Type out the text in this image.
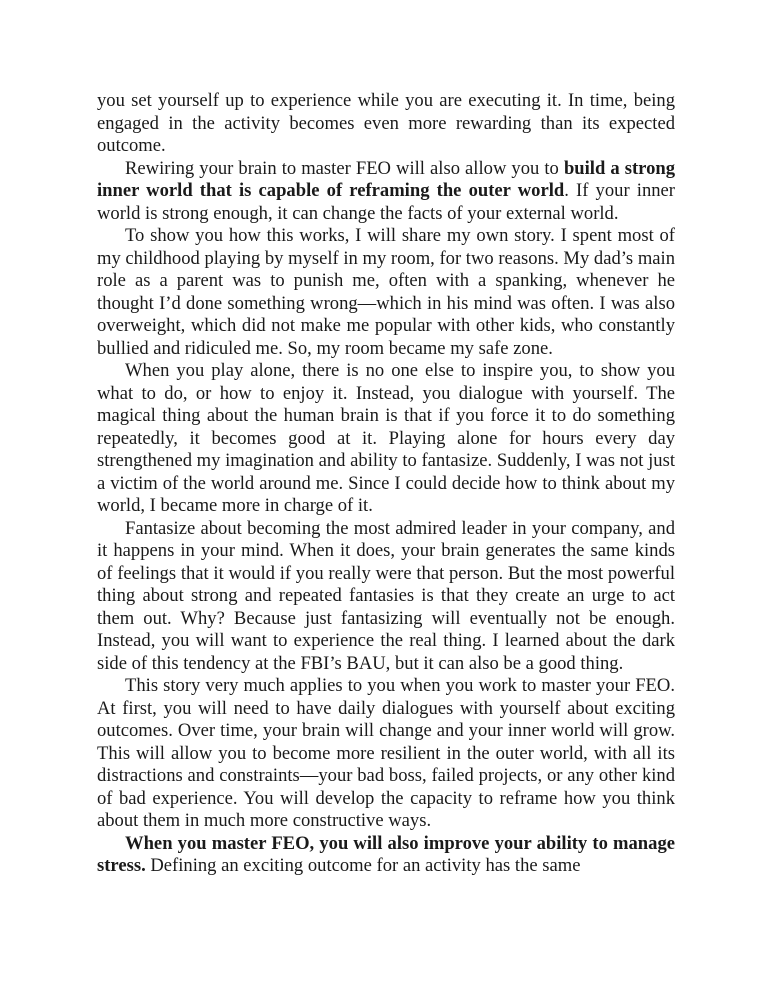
you set yourself up to experience while you are executing it. In time, being engaged in the activity becomes even more rewarding than its expected outcome.

Rewiring your brain to master FEO will also allow you to build a strong inner world that is capable of reframing the outer world. If your inner world is strong enough, it can change the facts of your external world.

To show you how this works, I will share my own story. I spent most of my childhood playing by myself in my room, for two reasons. My dad’s main role as a parent was to punish me, often with a spanking, whenever he thought I’d done something wrong—which in his mind was often. I was also overweight, which did not make me popular with other kids, who constantly bullied and ridiculed me. So, my room became my safe zone.

When you play alone, there is no one else to inspire you, to show you what to do, or how to enjoy it. Instead, you dialogue with yourself. The magical thing about the human brain is that if you force it to do something repeatedly, it becomes good at it. Playing alone for hours every day strengthened my imagination and ability to fantasize. Suddenly, I was not just a victim of the world around me. Since I could decide how to think about my world, I became more in charge of it.

Fantasize about becoming the most admired leader in your company, and it happens in your mind. When it does, your brain generates the same kinds of feelings that it would if you really were that person. But the most powerful thing about strong and repeated fantasies is that they create an urge to act them out. Why? Because just fantasizing will eventually not be enough. Instead, you will want to experience the real thing. I learned about the dark side of this tendency at the FBI’s BAU, but it can also be a good thing.

This story very much applies to you when you work to master your FEO. At first, you will need to have daily dialogues with yourself about exciting outcomes. Over time, your brain will change and your inner world will grow. This will allow you to become more resilient in the outer world, with all its distractions and constraints—your bad boss, failed projects, or any other kind of bad experience. You will develop the capacity to reframe how you think about them in much more constructive ways.

When you master FEO, you will also improve your ability to manage stress. Defining an exciting outcome for an activity has the same
